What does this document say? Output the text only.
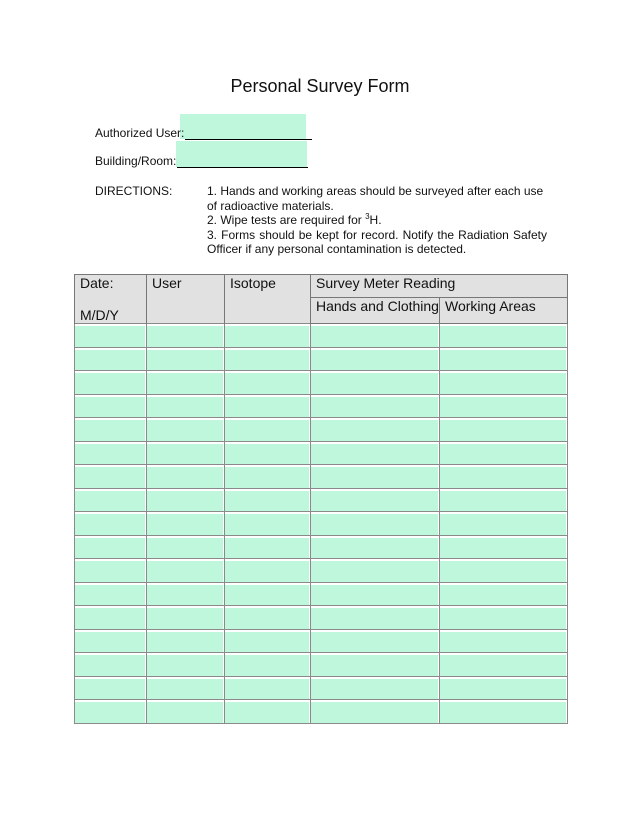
Personal Survey Form
Authorized User:
Building/Room:
DIRECTIONS:	1. Hands and working areas should be surveyed after each use of radioactive materials.

2. Wipe tests are required for $^3$H.

3. Forms should be kept for record. Notify the Radiation Safety Officer if any personal contamination is detected.

Date:
M/D/Y	User	Isotope	Survey Meter Reading	
			Hands and Clothing	Working Areas
